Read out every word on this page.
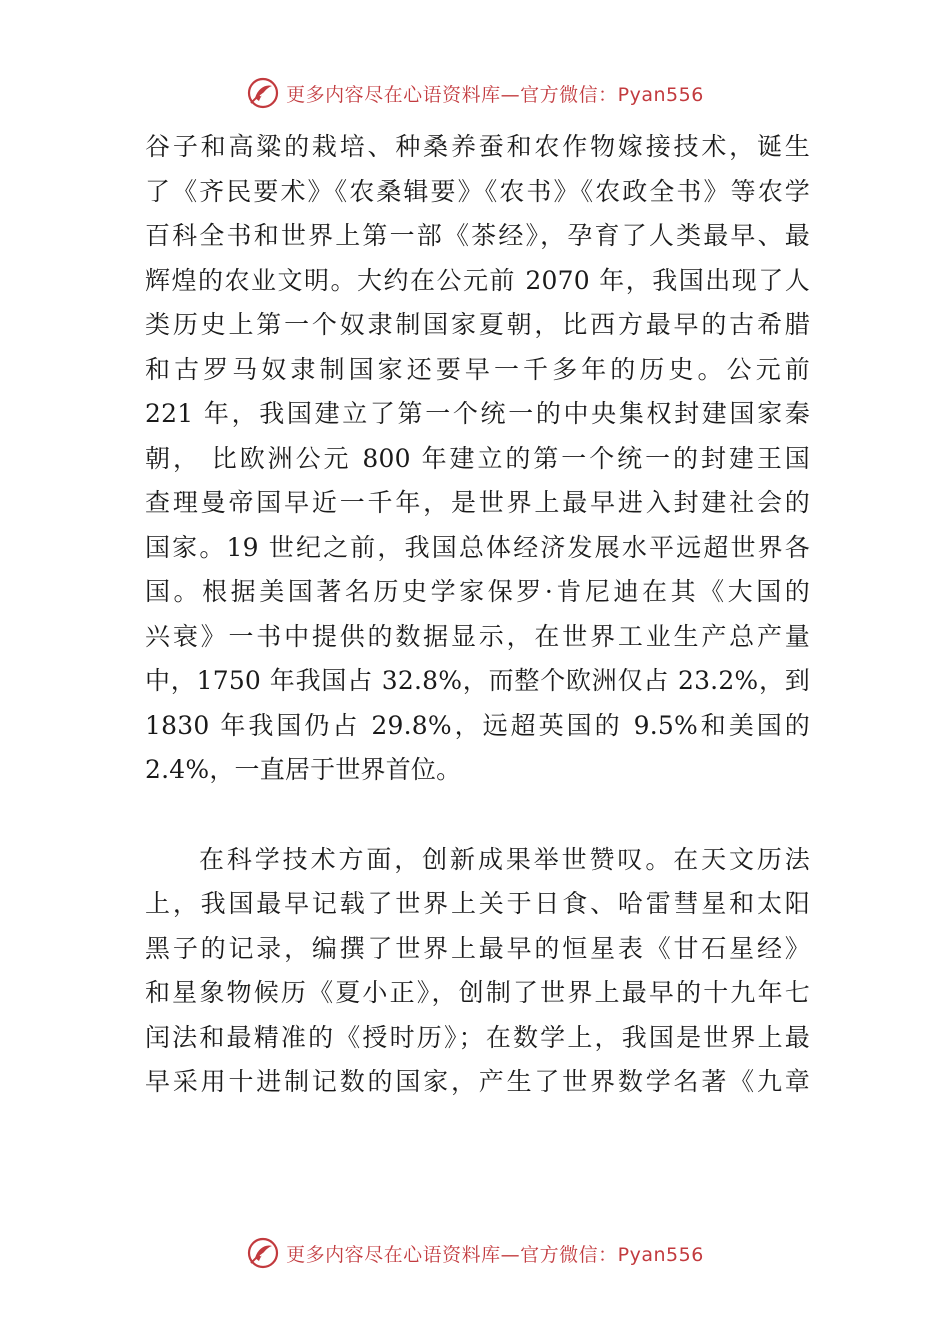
更多内容尽在心语资料库—官方微信：Pyan556
谷子和高粱的栽培、种桑养蚕和农作物嫁接技术，诞生
了《齐民要术》《农桑辑要》《农书》《农政全书》等农学
百科全书和世界上第一部《茶经》，孕育了人类最早、最
辉煌的农业文明。大约在公元前 2070 年，我国出现了人
类历史上第一个奴隶制国家夏朝，比西方最早的古希腊
和古罗马奴隶制国家还要早一千多年的历史。公元前
221 年，我国建立了第一个统一的中央集权封建国家秦
朝， 比欧洲公元 800 年建立的第一个统一的封建王国
查理曼帝国早近一千年，是世界上最早进入封建社会的
国家。19 世纪之前，我国总体经济发展水平远超世界各
国。根据美国著名历史学家保罗·肯尼迪在其《大国的
兴衰》一书中提供的数据显示，在世界工业生产总产量
中，1750 年我国占 32.8%，而整个欧洲仅占 23.2%，到
1830 年我国仍占 29.8%，远超英国的 9.5%和美国的
2.4%，一直居于世界首位。
在科学技术方面，创新成果举世赞叹。在天文历法
上，我国最早记载了世界上关于日食、哈雷彗星和太阳
黑子的记录，编撰了世界上最早的恒星表《甘石星经》
和星象物候历《夏小正》，创制了世界上最早的十九年七
闰法和最精准的《授时历》；在数学上，我国是世界上最
早采用十进制记数的国家，产生了世界数学名著《九章
更多内容尽在心语资料库—官方微信：Pyan556
